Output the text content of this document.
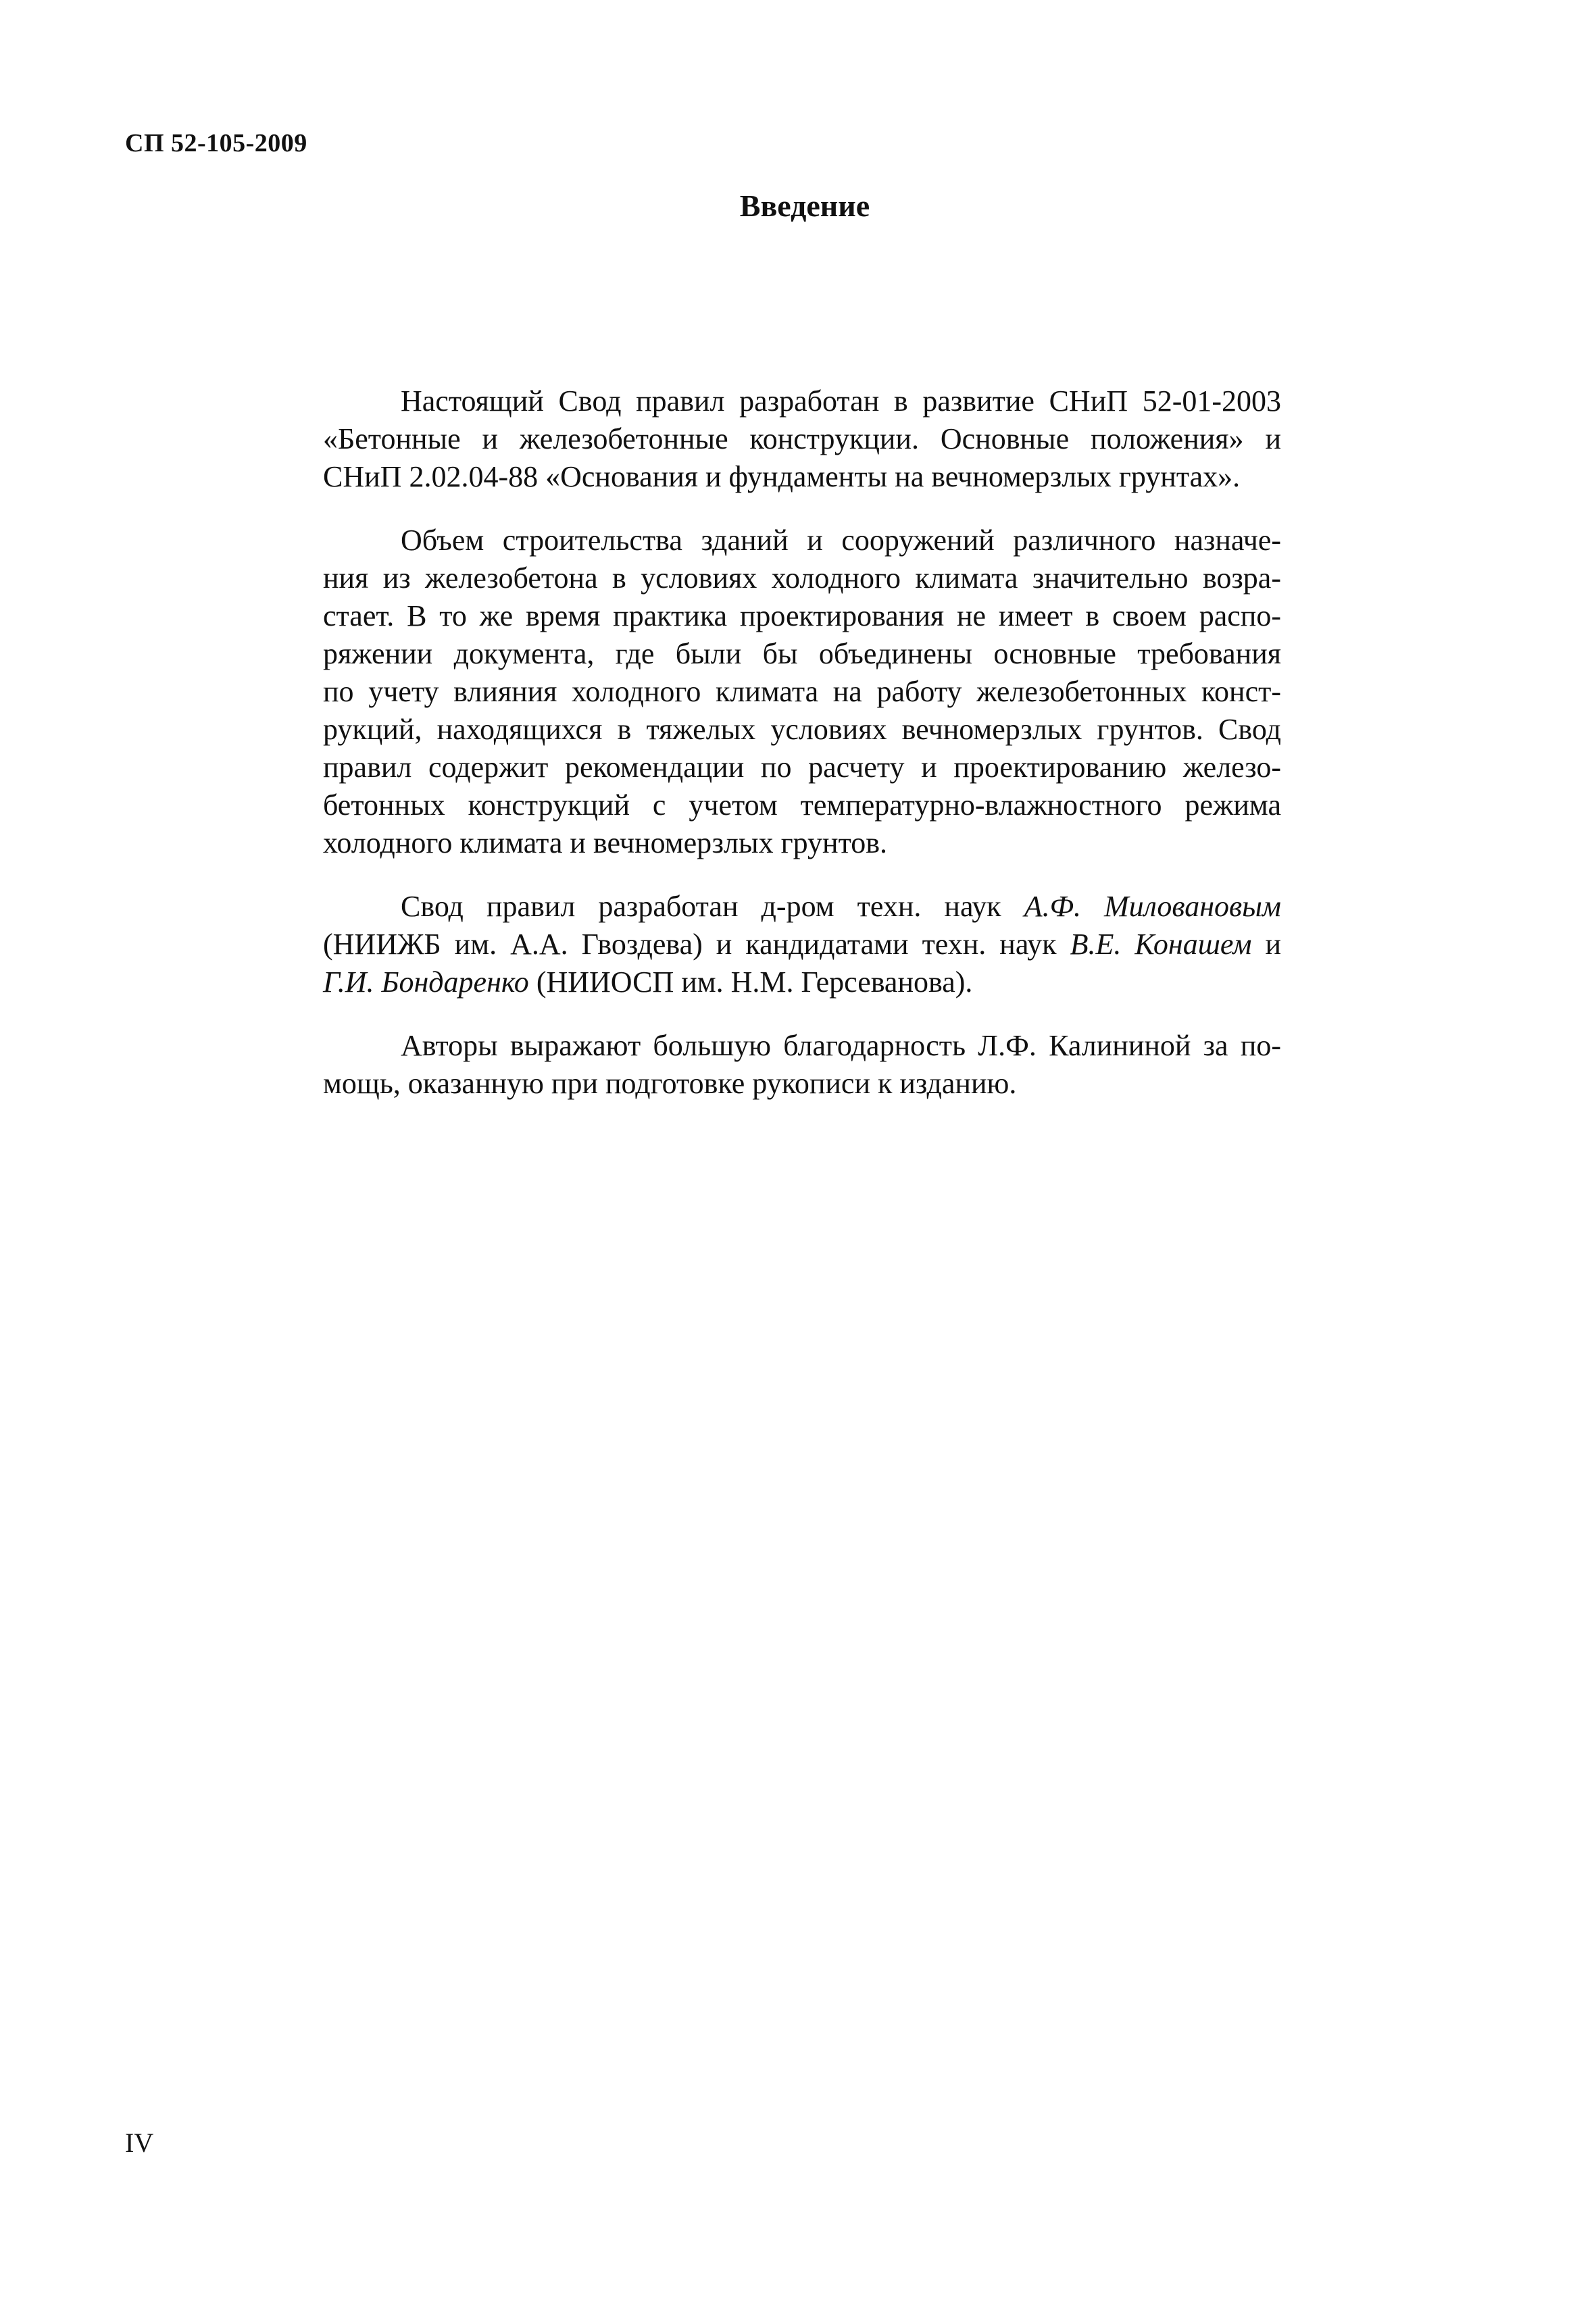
СП 52-105-2009
Введение
Настоящий Свод правил разработан в развитие СНиП 52-01-2003
«Бетонные и железобетонные конструкции. Основные положения» и
СНиП 2.02.04-88 «Основания и фундаменты на вечномерзлых грунтах».
Объем строительства зданий и сооружений различного назначе-
ния из железобетона в условиях холодного климата значительно возра-
стает. В то же время практика проектирования не имеет в своем распо-
ряжении документа, где были бы объединены основные требования
по учету влияния холодного климата на работу железобетонных конст-
рукций, находящихся в тяжелых условиях вечномерзлых грунтов. Свод
правил содержит рекомендации по расчету и проектированию железо-
бетонных конструкций с учетом температурно-влажностного режима
холодного климата и вечномерзлых грунтов.
Свод правил разработан д-ром техн. наук А.Ф. Миловановым
(НИИЖБ им. А.А. Гвоздева) и кандидатами техн. наук В.Е. Конашем и
Г.И. Бондаренко (НИИОСП им. Н.М. Герсеванова).
Авторы выражают большую благодарность Л.Ф. Калининой за по-
мощь, оказанную при подготовке рукописи к изданию.
IV
